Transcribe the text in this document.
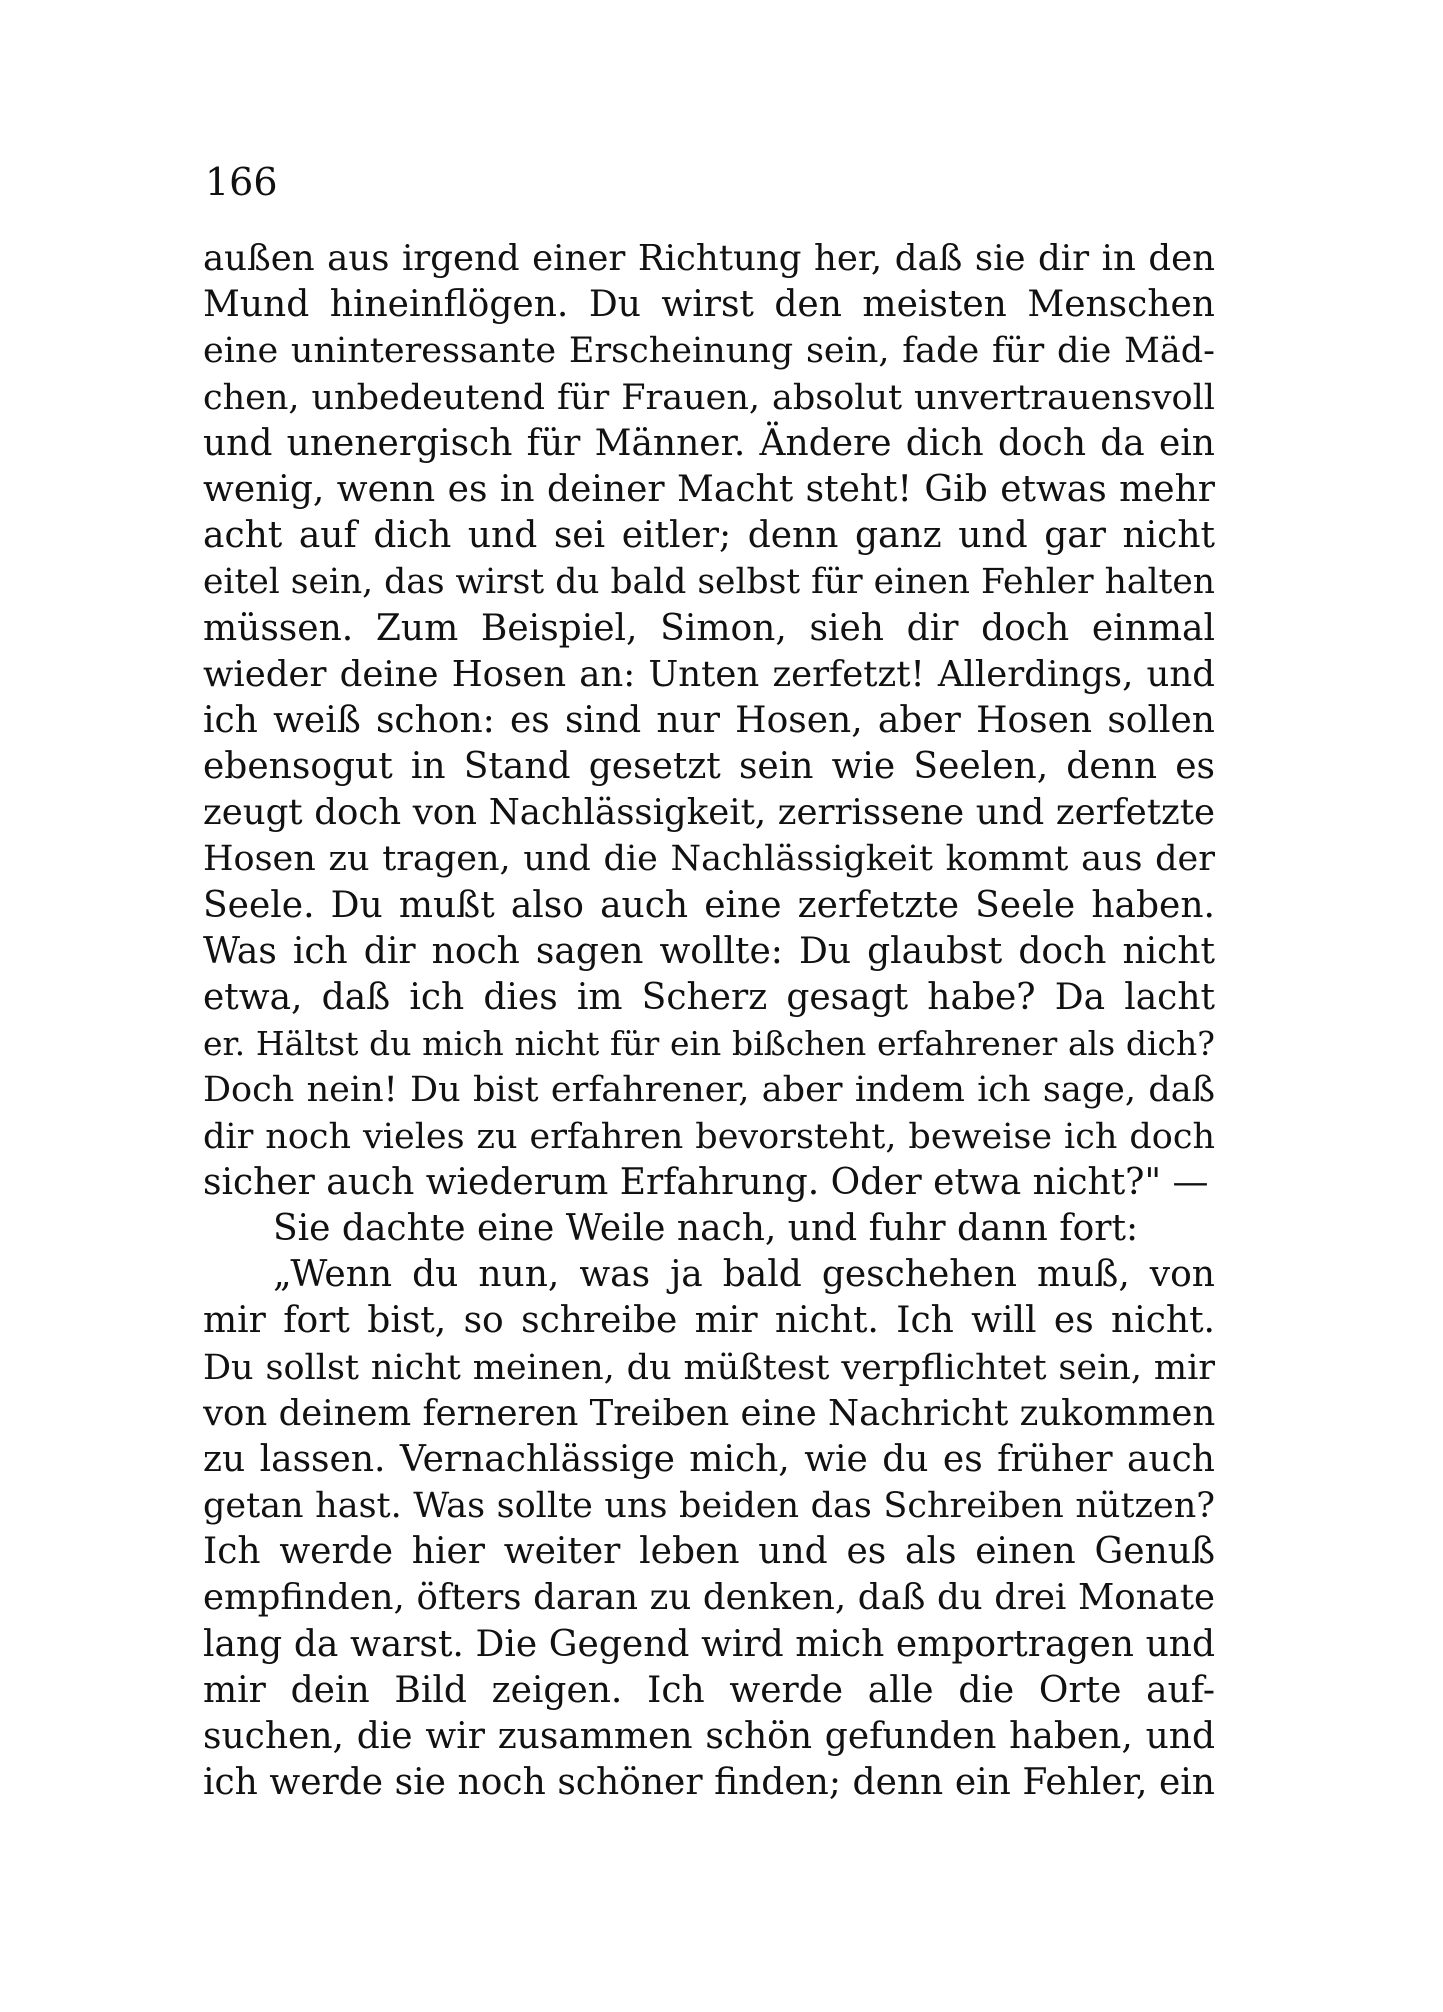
166
außen aus irgend einer Richtung her, daß sie dir in den
Mund hineinflögen. Du wirst den meisten Menschen
eine uninteressante Erscheinung sein, fade für die Mäd-
chen, unbedeutend für Frauen, absolut unvertrauensvoll
und unenergisch für Männer. Ändere dich doch da ein
wenig, wenn es in deiner Macht steht! Gib etwas mehr
acht auf dich und sei eitler; denn ganz und gar nicht
eitel sein, das wirst du bald selbst für einen Fehler halten
müssen. Zum Beispiel, Simon, sieh dir doch einmal
wieder deine Hosen an: Unten zerfetzt! Allerdings, und
ich weiß schon: es sind nur Hosen, aber Hosen sollen
ebensogut in Stand gesetzt sein wie Seelen, denn es
zeugt doch von Nachlässigkeit, zerrissene und zerfetzte
Hosen zu tragen, und die Nachlässigkeit kommt aus der
Seele. Du mußt also auch eine zerfetzte Seele haben.
Was ich dir noch sagen wollte: Du glaubst doch nicht
etwa, daß ich dies im Scherz gesagt habe? Da lacht
er. Hältst du mich nicht für ein bißchen erfahrener als dich?
Doch nein! Du bist erfahrener, aber indem ich sage, daß
dir noch vieles zu erfahren bevorsteht, beweise ich doch
sicher auch wiederum Erfahrung. Oder etwa nicht?" —
Sie dachte eine Weile nach, und fuhr dann fort:
„Wenn du nun, was ja bald geschehen muß, von
mir fort bist, so schreibe mir nicht. Ich will es nicht.
Du sollst nicht meinen, du müßtest verpflichtet sein, mir
von deinem ferneren Treiben eine Nachricht zukommen
zu lassen. Vernachlässige mich, wie du es früher auch
getan hast. Was sollte uns beiden das Schreiben nützen?
Ich werde hier weiter leben und es als einen Genuß
empfinden, öfters daran zu denken, daß du drei Monate
lang da warst. Die Gegend wird mich emportragen und
mir dein Bild zeigen. Ich werde alle die Orte auf-
suchen, die wir zusammen schön gefunden haben, und
ich werde sie noch schöner finden; denn ein Fehler, ein
